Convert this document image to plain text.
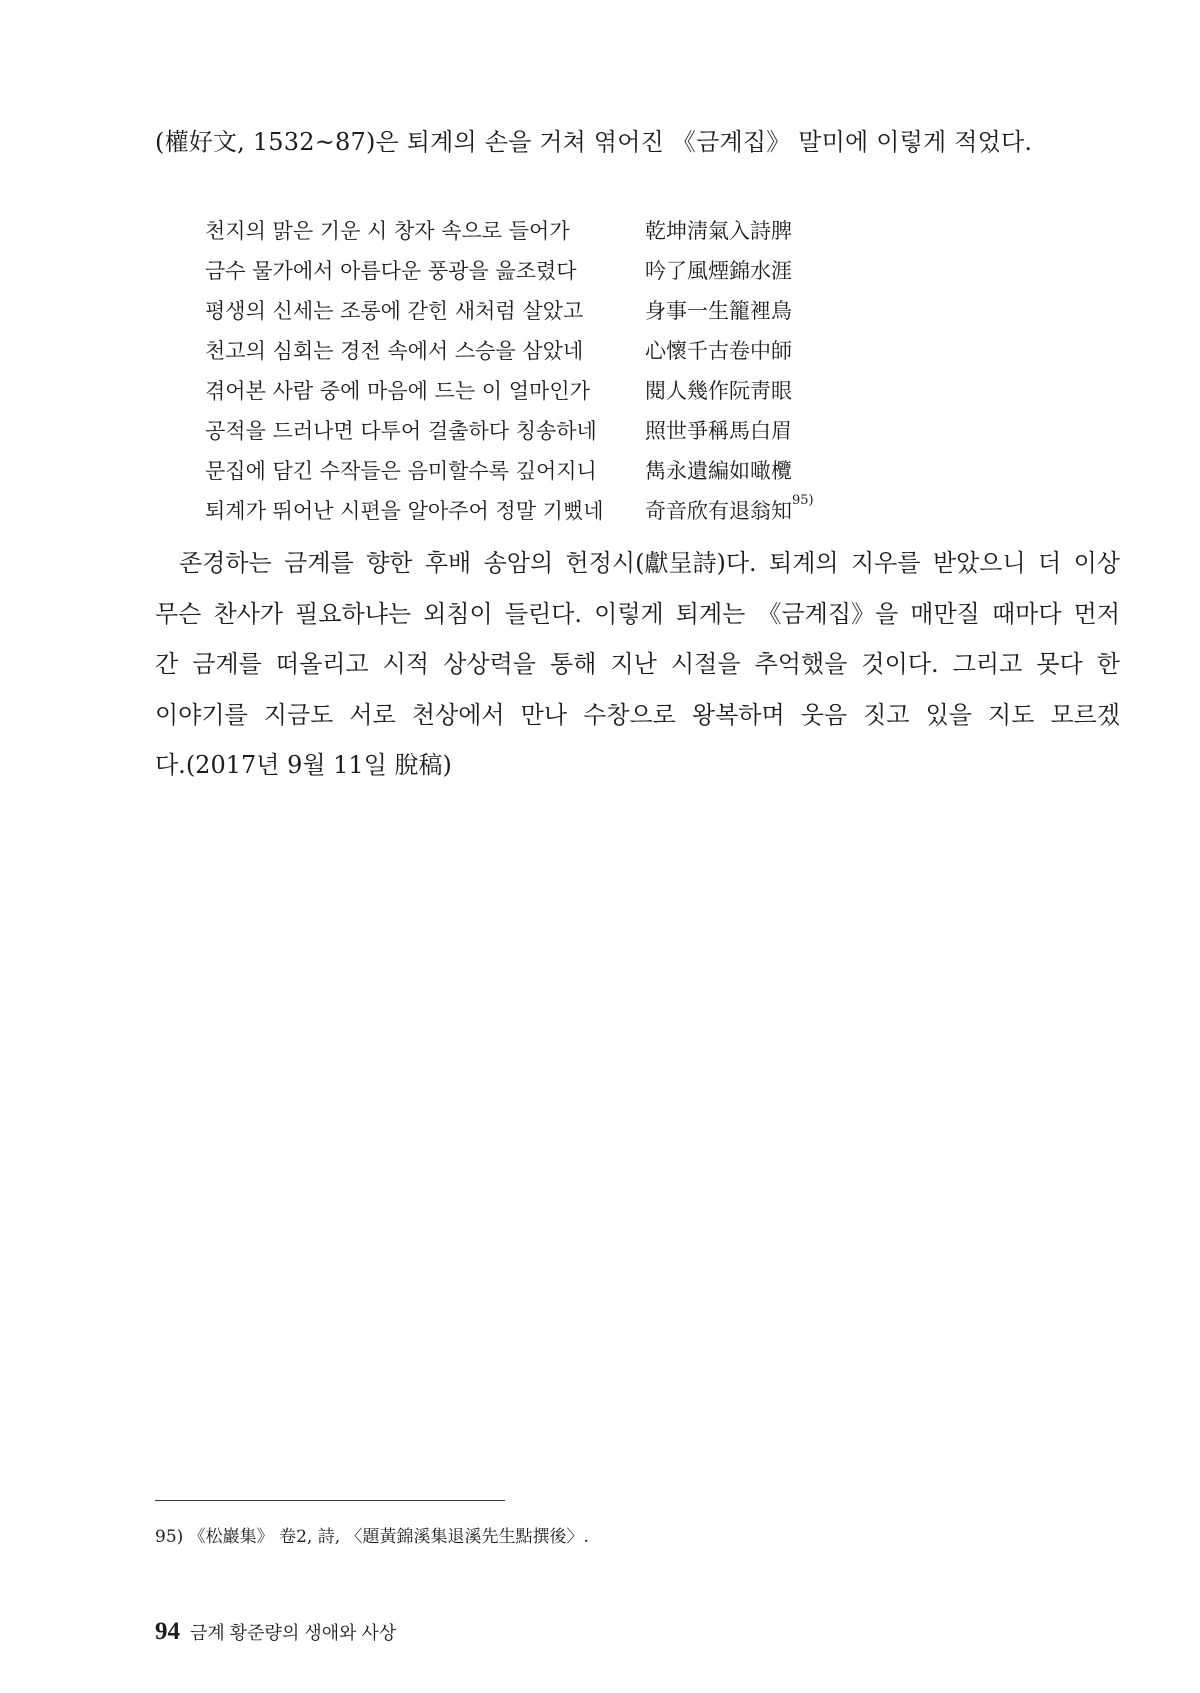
(權好文, 1532~87)은 퇴계의 손을 거쳐 엮어진 《금계집》 말미에 이렇게 적었다.
천지의 맑은 기운 시 창자 속으로 들어가	乾坤淸氣入詩脾
금수 물가에서 아름다운 풍광을 읊조렸다	吟了風煙錦水涯
평생의 신세는 조롱에 갇힌 새처럼 살았고	身事一生籠裡鳥
천고의 심회는 경전 속에서 스승을 삼았네	心懷千古卷中師
겪어본 사람 중에 마음에 드는 이 얼마인가	閱人幾作阮靑眼
공적을 드러나면 다투어 걸출하다 칭송하네	照世爭稱馬白眉
문집에 담긴 수작들은 음미할수록 깊어지니	雋永遺編如噉欖
퇴계가 뛰어난 시편을 알아주어 정말 기뻤네	奇音欣有退翁知$^{95)}$
존경하는 금계를 향한 후배 송암의 헌정시(獻呈詩)다. 퇴계의 지우를 받았으니 더 이상
무슨 찬사가 필요하냐는 외침이 들린다. 이렇게 퇴계는 《금계집》을 매만질 때마다 먼저
간 금계를 떠올리고 시적 상상력을 통해 지난 시절을 추억했을 것이다. 그리고 못다 한
이야기를 지금도 서로 천상에서 만나 수창으로 왕복하며 웃음 짓고 있을 지도 모르겠
다.(2017년 9월 11일 脫稿)
95) 《松巖集》 卷2, 詩, 〈題黃錦溪集退溪先生點撰後〉.
94 금계 황준량의 생애와 사상
